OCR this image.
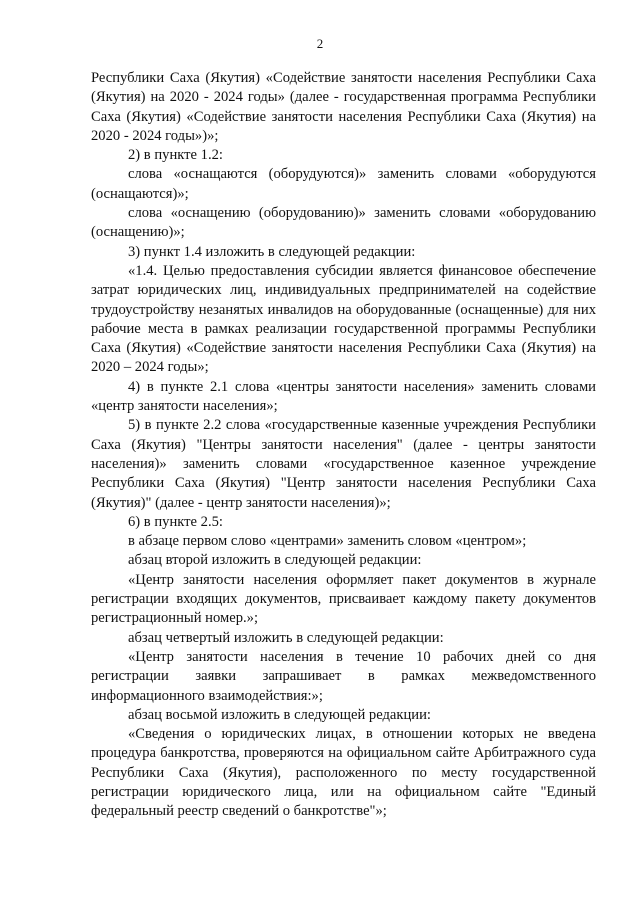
2

Республики Саха (Якутия) «Содействие занятости населения Республики Саха (Якутия) на 2020 - 2024 годы» (далее - государственная программа Республики Саха (Якутия) «Содействие занятости населения Республики Саха (Якутия) на 2020 - 2024 годы»)»;

2) в пункте 1.2:

слова «оснащаются (оборудуются)» заменить словами «оборудуются (оснащаются)»;

слова «оснащению (оборудованию)» заменить словами «оборудованию (оснащению)»;

3) пункт 1.4 изложить в следующей редакции:

«1.4. Целью предоставления субсидии является финансовое обеспечение затрат юридических лиц, индивидуальных предпринимателей на содействие трудоустройству незанятых инвалидов на оборудованные (оснащенные) для них рабочие места в рамках реализации государственной программы Республики Саха (Якутия) «Содействие занятости населения Республики Саха (Якутия) на 2020 – 2024 годы»;

4) в пункте 2.1 слова «центры занятости населения» заменить словами «центр занятости населения»;

5) в пункте 2.2 слова «государственные казенные учреждения Республики Саха (Якутия) "Центры занятости населения" (далее - центры занятости населения)» заменить словами «государственное казенное учреждение Республики Саха (Якутия) "Центр занятости населения Республики Саха (Якутия)" (далее - центр занятости населения)»;

6) в пункте 2.5:

в абзаце первом слово «центрами» заменить словом «центром»;

абзац второй изложить в следующей редакции:

«Центр занятости населения оформляет пакет документов в журнале регистрации входящих документов, присваивает каждому пакету документов регистрационный номер.»;

абзац четвертый изложить в следующей редакции:

«Центр занятости населения в течение 10 рабочих дней со дня регистрации заявки запрашивает в рамках межведомственного информационного взаимодействия:»;

абзац восьмой изложить в следующей редакции:

«Сведения о юридических лицах, в отношении которых не введена процедура банкротства, проверяются на официальном сайте Арбитражного суда Республики Саха (Якутия), расположенного по месту государственной регистрации юридического лица, или на официальном сайте "Единый федеральный реестр сведений о банкротстве"»;
